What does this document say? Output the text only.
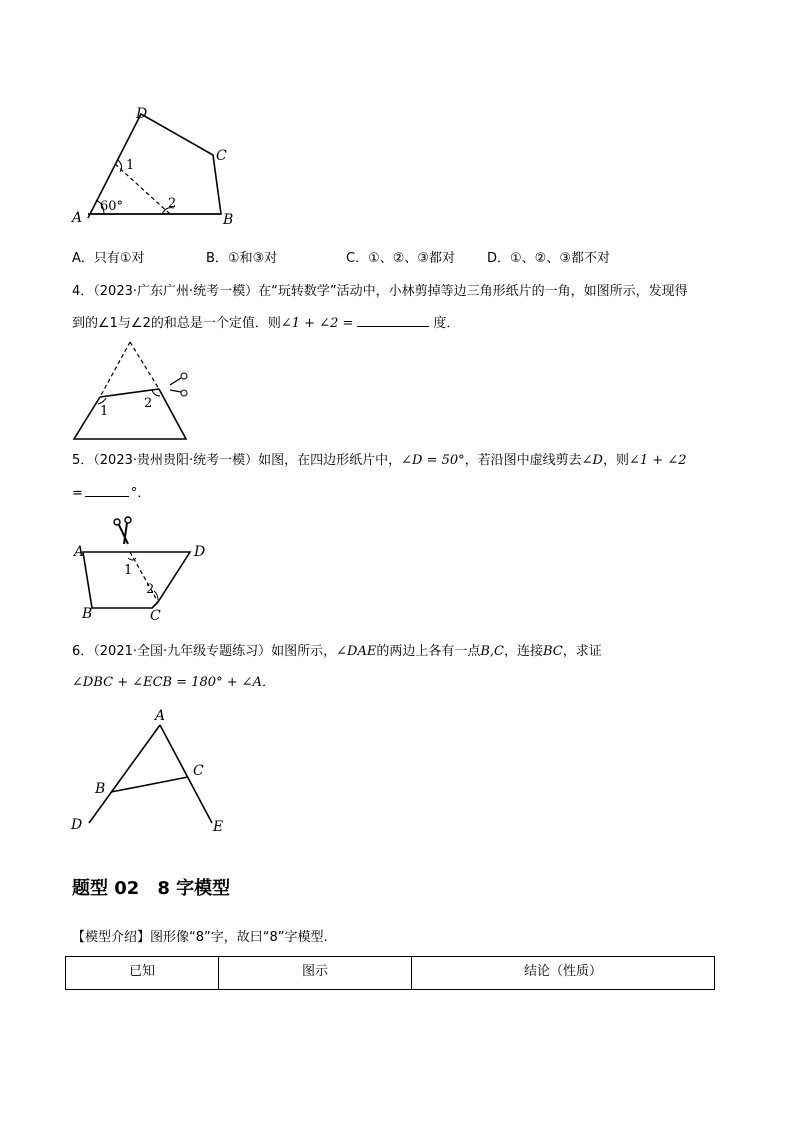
D
C
A	B
1
2
60°
A．只有①对	B．①和③对	C．①、②、③都对 D．①、②、③都不对
4．（2023·广东广州·统考一模）在“玩转数学”活动中，小林剪掉等边三角形纸片的一角，如图所示，发现得
到的∠1与∠2的和总是一个定值．则∠1 + ∠2 =	度．
1
2
5．（2023·贵州贵阳·统考一模）如图，在四边形纸片中，∠D = 50°，若沿图中虚线剪去∠D，则∠1 + ∠2
=	°．
A	D
B	C
1
2
6．（2021·全国·九年级专题练习）如图所示，∠DAE的两边上各有一点B,C，连接BC，求证
∠DBC + ∠ECB = 180° + ∠A．
A
B
C
D	E
题型 02　8 字模型
【模型介绍】图形像“8”字，故曰“8”字模型.
已知	图示	结论（性质）
